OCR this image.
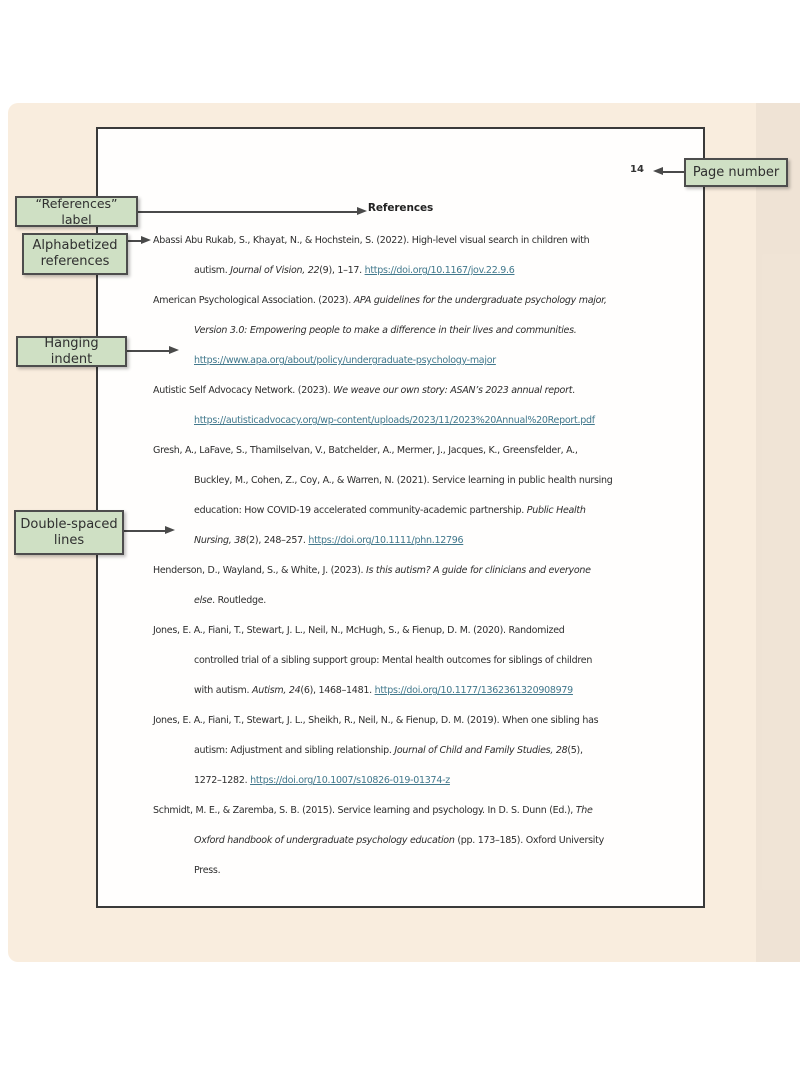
14
References
Abassi Abu Rukab, S., Khayat, N., & Hochstein, S. (2022). High-level visual search in children with
autism. Journal of Vision, 22(9), 1–17. https://doi.org/10.1167/jov.22.9.6
American Psychological Association. (2023). APA guidelines for the undergraduate psychology major,
Version 3.0: Empowering people to make a difference in their lives and communities.
https://www.apa.org/about/policy/undergraduate-psychology-major
Autistic Self Advocacy Network. (2023). We weave our own story: ASAN’s 2023 annual report.
https://autisticadvocacy.org/wp-content/uploads/2023/11/2023%20Annual%20Report.pdf
Gresh, A., LaFave, S., Thamilselvan, V., Batchelder, A., Mermer, J., Jacques, K., Greensfelder, A.,
Buckley, M., Cohen, Z., Coy, A., & Warren, N. (2021). Service learning in public health nursing
education: How COVID-19 accelerated community-academic partnership. Public Health
Nursing, 38(2), 248–257. https://doi.org/10.1111/phn.12796
Henderson, D., Wayland, S., & White, J. (2023). Is this autism? A guide for clinicians and everyone
else. Routledge.
Jones, E. A., Fiani, T., Stewart, J. L., Neil, N., McHugh, S., & Fienup, D. M. (2020). Randomized
controlled trial of a sibling support group: Mental health outcomes for siblings of children
with autism. Autism, 24(6), 1468–1481. https://doi.org/10.1177/1362361320908979
Jones, E. A., Fiani, T., Stewart, J. L., Sheikh, R., Neil, N., & Fienup, D. M. (2019). When one sibling has
autism: Adjustment and sibling relationship. Journal of Child and Family Studies, 28(5),
1272–1282. https://doi.org/10.1007/s10826-019-01374-z
Schmidt, M. E., & Zaremba, S. B. (2015). Service learning and psychology. In D. S. Dunn (Ed.), The
Oxford handbook of undergraduate psychology education (pp. 173–185). Oxford University
Press.
“References” label
Alphabetized references
Hanging indent
Double-spaced lines
Page number
